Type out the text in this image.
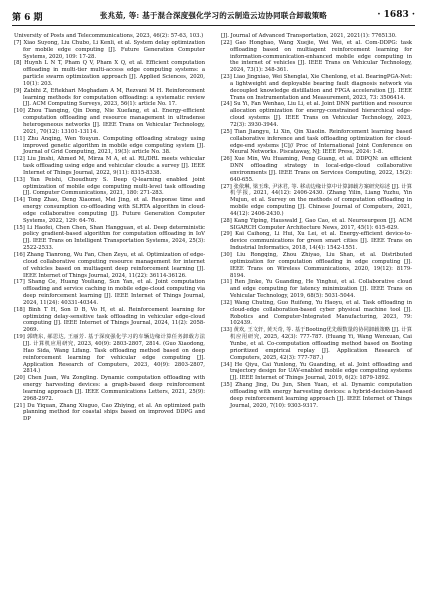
第 6 期	张兆茹, 等: 基于混合深度强化学习的云制造云边协同联合卸载策略	· 1683 ·

University of Posts and Telecommunications, 2023, 46(2): 57-63, 103.)

[7] Xiao Suyong, Liu Chubo, Li Kenli, et al. System delay optimization for mobile edge computing [J]. Future Generation Computer Systems, 2020, 109: 17-28.

[8] Huynh L N T, Pham Q V, Pham X Q, et al. Efficient computation offloading in multi-tier multi-access edge computing systems: a particle swarm optimization approach [J]. Applied Sciences, 2020, 10(1): 203.

[9] Zabihi Z, Eftekhari Moghadam A M, Rezvani M H. Reinforcement learning methods for computation offloading: a systematic review [J]. ACM Computing Surveys, 2023, 56(1): article No. 17.

[10] Zhou Tianqing, Qin Dong, Nie Xuefang, et al. Energy-efficient computation offloading and resource management in ultradense heterogeneous networks [J]. IEEE Trans on Vehicular Technology, 2021, 70(12): 13101-13114.

[11] Zhu Anqing, Wen Youyun. Computing offloading strategy using improved genetic algorithm in mobile edge computing system [J]. Journal of Grid Computing, 2021, 19(3): article No. 38.

[12] Liu Jinshi, Ahmed M, Mirza M A, et al. RL/DRL meets vehicular task offloading using edge and vehicular clouds: a survey [J]. IEEE Internet of Things Journal, 2022, 9(11): 8315-8338.

[13] Yan Peishi, Choudhury S. Deep Q-learning enabled joint optimization of mobile edge computing multi-level task offloading [J]. Computer Communications, 2021, 180: 271-283.

[14] Tong Zhao, Deng Xiaomei, Mei Jing, et al. Response time and energy consumption co-offloading with SLRTA algorithm in cloud-edge collaborative computing [J]. Future Generation Computer Systems, 2022, 129: 64-76.

[15] Li Haofei, Chen Chen, Shan Hangguan, et al. Deep deterministic policy gradient-based algorithm for computation offloading in IoV [J]. IEEE Trans on Intelligent Transportation Systems, 2024, 25(3): 2522-2533.

[16] Zhang Tianrong, Wu Fan, Chen Zeyu, et al. Optimization of edge-cloud collaborative computing resource management for internet of vehicles based on multiagent deep reinforcement learning [J]. IEEE Internet of Things Journal, 2024, 11(22): 36114-36126.

[17] Shang Ce, Huang Youliang, Sun Yan, et al. Joint computation offloading and service caching in mobile edge-cloud computing via deep reinforcement learning [J]. IEEE Internet of Things Journal, 2024, 11(24): 40331-40344.

[18] Binh T H, Son D B, Vo H, et al. Reinforcement learning for optimizing delay-sensitive task offloading in vehicular edge-cloud computing [J]. IEEE Internet of Things Journal, 2024, 11(2): 2058-2069.

[19] 郭晓东, 郝思达, 王丽芳. 基于深度强化学习的车辆边缘计算任务卸载方法 [J]. 计算机应用研究, 2023, 40(9): 2803-2807, 2814. (Guo Xiaodong, Hao Sida, Wang Lifang. Task offloading method based on deep reinforcement learning for vehicular edge computing [J]. Application Research of Computers, 2023, 40(9): 2803-2807, 2814.)

[20] Chen Juan, Wu Zongling. Dynamic computation offloading with energy harvesting devices: a graph-based deep reinforcement learning approach [J]. IEEE Communications Letters, 2021, 25(9): 2968-2972.

[21] Du Yiquan, Zhang Xiuguo, Cao Zhiying, et al. An optimized path planning method for coastal ships based on improved DDPG and DP

[J]. Journal of Advanced Transportation, 2021, 2021(1): 7765130.

[22] Gao Honghao, Wang Xuejie, Wei Wei, et al. Com-DDPG: task offloading based on multiagent reinforcement learning for information-communication-enhanced mobile edge computing in the internet of vehicles [J]. IEEE Trans on Vehicular Technology, 2024, 73(1): 348-361.

[23] Liao Jingxiao, Wei Shenglai, Xie Chenlong, et al. BearingPGA-Net: a lightweight and deployable bearing fault diagnosis network via decoupled knowledge distillation and FPGA acceleration [J]. IEEE Trans on Instrumentation and Measurement, 2023, 73: 3506414.

[24] Su Yi, Fan Wenhao, Liu Li, et al. Joint DNN partition and resource allocation optimization for energy-constrained hierarchical edge-cloud systems [J]. IEEE Trans on Vehicular Technology, 2023, 72(3): 3930-3944.

[25] Tian Jiangyu, Li Xin, Qin Xiaolin. Reinforcement learning based collaborative inference and task offloading optimization for cloud-edge-end systems [C]// Proc of International Joint Conference on Neural Networks. Piscataway, NJ: IEEE Press, 2024: 1-8.

[26] Xue Min, Wu Huaming, Peng Guang, et al. DDPQN: an efficient DNN offloading strategy in local-edge-cloud collaborative environments [J]. IEEE Trans on Services Computing, 2022, 15(2): 640-655.

[27] 张依琳, 梁玉珠, 尹沐君, 等. 移动边缘计算中计算卸载方案研究综述 [J]. 计算机学报, 2021, 44(12): 2406-2430. (Zhang Yilin, Liang Yuzhu, Yin Mujun, et al. Survey on the methods of computation offloading in mobile edge computing [J]. Chinese Journal of Computers, 2021, 44(12): 2406-2430.)

[28] Kang Yiping, Hauswald J, Gao Cao, et al. Neurosurgeon [J]. ACM SIGARCH Computer Architecture News, 2017, 45(1): 615-629.

[29] Kai Caihong, Li Hui, Xu Lei, et al. Energy-efficient device-to-device communications for green smart cities [J]. IEEE Trans on Industrial Informatics, 2018, 14(4): 1542-1551.

[30] Liu Rongqing, Zhou Zhiyao, Liu Shan, et al. Distributed optimization for computation offloading in edge computing [J]. IEEE Trans on Wireless Communications, 2020, 19(12): 8179-8194.

[31] Ren Jinke, Yu Guanding, He Yinghui, et al. Collaborative cloud and edge computing for latency minimization [J]. IEEE Trans on Vehicular Technology, 2019, 68(5): 5031-5044.

[32] Wang Chuting, Guo Ruifeng, Yu Haoyu, et al. Task offloading in cloud-edge collaboration-based cyber physical machine tool [J]. Robotics and Computer-Integrated Manufacturing, 2023, 79: 102439.

[33] 黄欢, 王文轩, 黄天奇, 等. 基于Booting优先级数量的协同卸载策略 [J]. 计算机应用研究, 2025, 42(3): 777-787. (Huang Yi, Wang Wenxuan, Cai Yunbe, et al. Co-computation offloading method based on Booting prioritized empirical replay [J]. Application Research of Computers, 2025, 42(3): 777-787.)

[34] He Qiyu, Cai Yunlong, Yu Guanding, et al. Joint offloading and trajectory design for UAV-enabled mobile edge computing systems [J]. IEEE Internet of Things Journal, 2019, 6(2): 1879-1892.

[35] Zhang Jing, Du Jun, Shen Yuan, et al. Dynamic computation offloading with energy harvesting devices: a hybrid-decision-based deep reinforcement learning approach [J]. IEEE Internet of Things Journal, 2020, 7(10): 9303-9317.
